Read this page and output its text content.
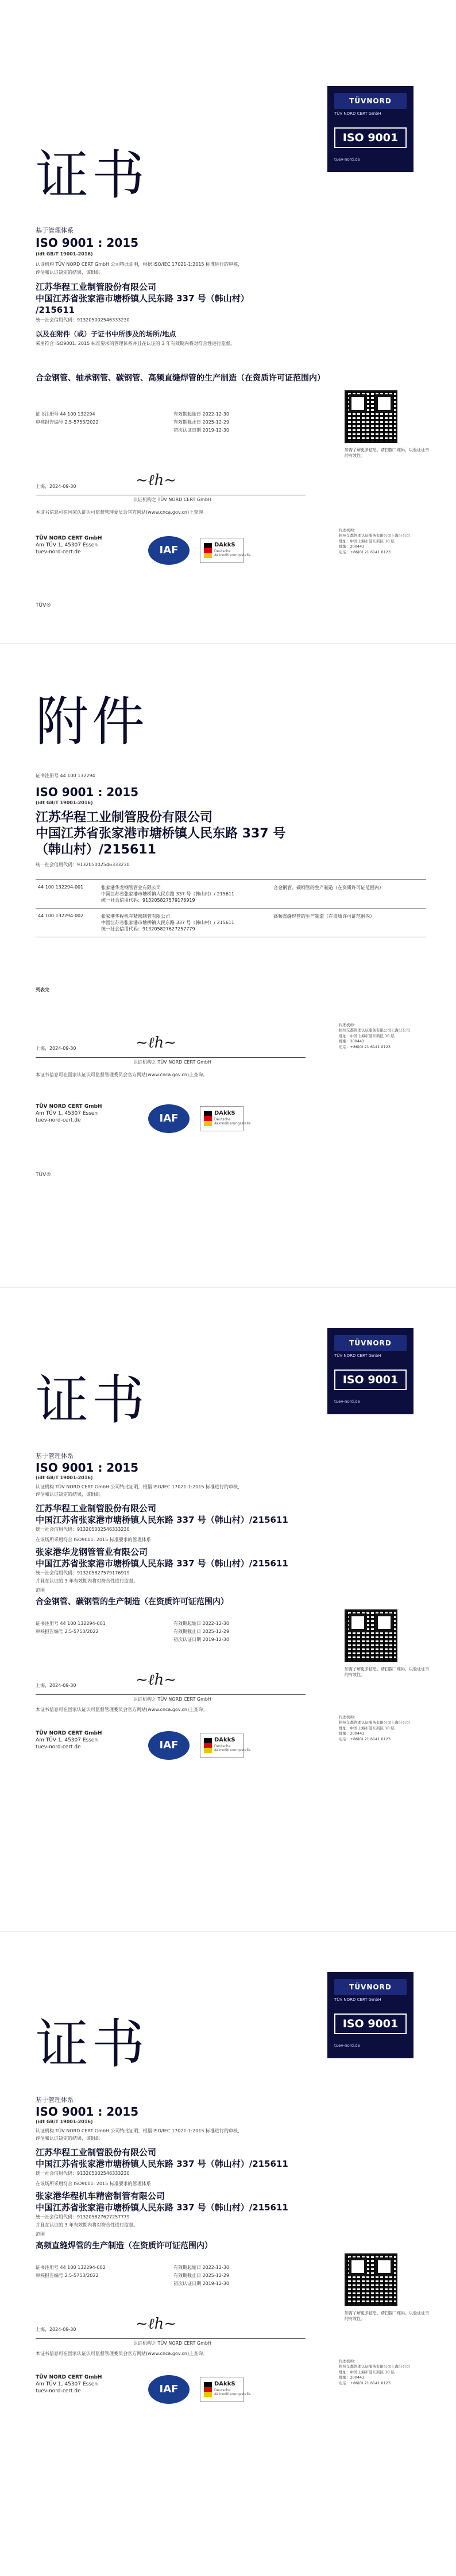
证书
TÜVNORD
TÜV NORD CERT GmbH
ISO 9001
tuev-nord.de
基于管理体系
ISO 9001 : 2015
(idt GB/T 19001-2016)
认证机构 TÜV NORD CERT GmbH 公司特此证明，根据 ISO/IEC 17021-1:2015 标准进行的审核，
评估和认证决定的结果，该组织
江苏华程工业制管股份有限公司
中国江苏省张家港市塘桥镇人民东路 337 号（韩山村）
/215611
统一社会信用代码：913205002546333230
以及在附件（或）子证书中所涉及的场所/地点
采用符合 ISO9001: 2015 标准要求的管理体系并且在认证的 3 年有效期内将对符合性进行监督。
合金钢管、轴承钢管、碳钢管、高频直缝焊管的生产制造（在资质许可证范围内）
证书注册号 44 100 132294
审核报告编号 2.5-5753/2022
有效期起始日 2022-12-30
有效期截止日 2025-12-29
初次认证日期 2019-12-30
如需了解更多信息，请扫描二维码，以验证证书的有效性。
上海，2024-09-30	∼ℓh∼
认证机构之 TÜV NORD CERT GmbH
本证书信息可在国家认证认可监督管理委员会官方网站(www.cnca.gov.cn)上查询。
TÜV NORD CERT GmbH
Am TÜV 1, 45307 Essen
tuev-nord-cert.de	IAF	DAkkS
Deutsche Akkreditierungsstelle
代理机构：
杭州艾都管理认证服务有限公司上海分公司
地址：中国上海市浦东新区 10 层
邮编：200443
电话：+86(0) 21 6141 0123
TÜV®
附件
证书注册号 44 100 132294
ISO 9001 : 2015
(idt GB/T 19001-2016)
江苏华程工业制管股份有限公司
中国江苏省张家港市塘桥镇人民东路 337 号
（韩山村）/215611
统一社会信用代码：913205002546333230
44 100 132294-001	张家港华龙钢管管业有限公司
中国江苏省张家港市塘桥镇人民东路 337 号（韩山村）/ 215611
统一社会信用代码：913205827579176919	合金钢管、碳钢管的生产制造（在资质许可证范围内）
44 100 132294-002	张家港华程机车精密制管有限公司
中国江苏省张家港市塘桥镇人民东路 337 号（韩山村）/ 215611
统一社会信用代码：913205827627257779	高频直缝焊管的生产制造（在资质许可证范围内）
列表完
上海，2024-09-30	∼ℓh∼
认证机构之 TÜV NORD CERT GmbH
本证书信息可在国家认证认可监督管理委员会官方网站(www.cnca.gov.cn)上查询。
TÜV NORD CERT GmbH
Am TÜV 1, 45307 Essen
tuev-nord-cert.de	IAF	DAkkS
Deutsche Akkreditierungsstelle
代理机构：
杭州艾都管理认证服务有限公司上海分公司
地址：中国上海市浦东新区 10 层
邮编：200443
电话：+86(0) 21 6141 0123
TÜV®
证书
TÜVNORD
TÜV NORD CERT GmbH
ISO 9001
tuev-nord.de
基于管理体系
ISO 9001 : 2015
(idt GB/T 19001-2016)
认证机构 TÜV NORD CERT GmbH 公司特此证明，根据 ISO/IEC 17021-1:2015 标准进行的审核，
评估和认证决定的结果，该组织
江苏华程工业制管股份有限公司
中国江苏省张家港市塘桥镇人民东路 337 号（韩山村）/215611
统一社会信用代码：913205002546333230
在该场所采用符合 ISO9001: 2015 标准要求的管理体系
张家港华龙钢管管业有限公司
中国江苏省张家港市塘桥镇人民东路 337 号（韩山村）/215611
统一社会信用代码：913205827579176919
并且在认证的 3 年有效期内将对符合性进行监督。
范围
合金钢管、碳钢管的生产制造（在资质许可证范围内）
证书注册号 44 100 132294-001
审核报告编号 2.5-5753/2022
有效期起始日 2022-12-30
有效期截止日 2025-12-29
初次认证日期 2019-12-30
如需了解更多信息，请扫描二维码，以验证证书的有效性。
上海，2024-09-30	∼ℓh∼
认证机构之 TÜV NORD CERT GmbH
本证书信息可在国家认证认可监督管理委员会官方网站(www.cnca.gov.cn)上查询。
TÜV NORD CERT GmbH
Am TÜV 1, 45307 Essen
tuev-nord-cert.de	IAF	DAkkS
Deutsche Akkreditierungsstelle
代理机构：
杭州艾都管理认证服务有限公司上海分公司
地址：中国上海市浦东新区 10 层
邮编：200443
电话：+86(0) 21 6141 0123
证书
TÜVNORD
TÜV NORD CERT GmbH
ISO 9001
tuev-nord.de
基于管理体系
ISO 9001 : 2015
(idt GB/T 19001-2016)
认证机构 TÜV NORD CERT GmbH 公司特此证明，根据 ISO/IEC 17021-1:2015 标准进行的审核，
评估和认证决定的结果，该组织
江苏华程工业制管股份有限公司
中国江苏省张家港市塘桥镇人民东路 337 号（韩山村）/215611
统一社会信用代码：913205002546333230
在该场所采用符合 ISO9001: 2015 标准要求的管理体系
张家港华程机车精密制管有限公司
中国江苏省张家港市塘桥镇人民东路 337 号（韩山村）/215611
统一社会信用代码：913205827627257779
并且在认证的 3 年有效期内将对符合性进行监督。
范围
高频直缝焊管的生产制造（在资质许可证范围内）
证书注册号 44 100 132294-002
审核报告编号 2.5-5753/2022
有效期起始日 2022-12-30
有效期截止日 2025-12-29
初次认证日期 2019-12-30
如需了解更多信息，请扫描二维码，以验证证书的有效性。
上海，2024-09-30	∼ℓh∼
认证机构之 TÜV NORD CERT GmbH
本证书信息可在国家认证认可监督管理委员会官方网站(www.cnca.gov.cn)上查询。
TÜV NORD CERT GmbH
Am TÜV 1, 45307 Essen
tuev-nord-cert.de	IAF	DAkkS
Deutsche Akkreditierungsstelle
代理机构：
杭州艾都管理认证服务有限公司上海分公司
地址：中国上海市浦东新区 10 层
邮编：200443
电话：+86(0) 21 6141 0123
